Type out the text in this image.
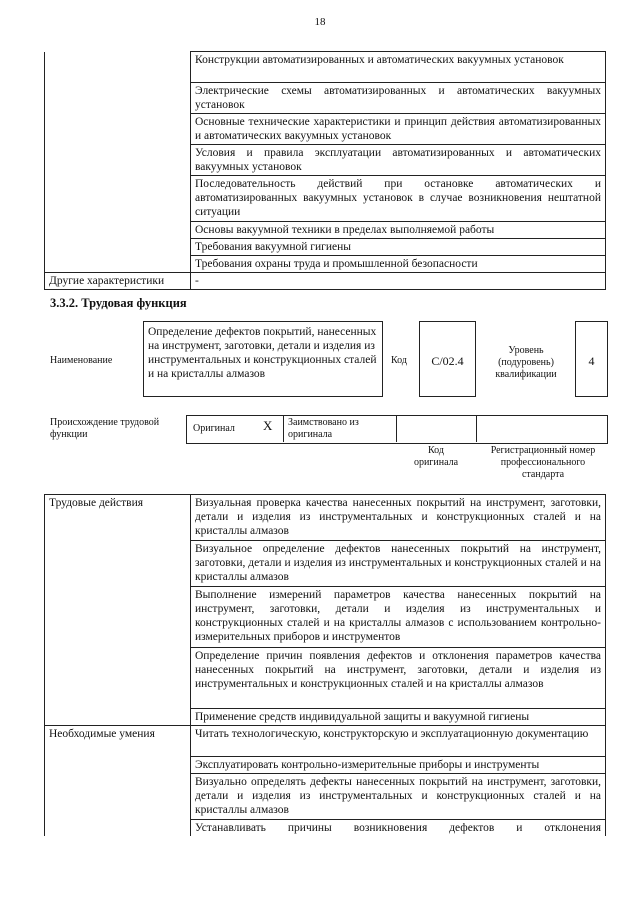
18
	Конструкции автоматизированных и автоматических вакуумных установок
	Электрические схемы автоматизированных и автоматических вакуумных установок
	Основные технические характеристики и принцип действия автоматизированных и автоматических вакуумных установок
	Условия и правила эксплуатации автоматизированных и автоматических вакуумных установок
	Последовательность действий при остановке автоматических и автоматизированных вакуумных установок в случае возникновения нештатной ситуации
	Основы вакуумной техники в пределах выполняемой работы
	Требования вакуумной гигиены
	Требования охраны труда и промышленной безопасности
Другие характеристики	-
3.3.2. Трудовая функция
Наименование
Определение дефектов покрытий, нанесенных на инструмент, заготовки, детали и изделия из инструментальных и конструкционных сталей и на кристаллы алмазов
Код	C/02.4
Уровень (подуровень) квалификации
4
Происхождение трудовой функции
Оригинал X Заимствовано из оригинала
Код оригинала
Регистрационный номер профессионального стандарта
Трудовые действия	Визуальная проверка качества нанесенных покрытий на инструмент, заготовки, детали и изделия из инструментальных и конструкционных сталей и на кристаллы алмазов
	Визуальное определение дефектов нанесенных покрытий на инструмент, заготовки, детали и изделия из инструментальных и конструкционных сталей и на кристаллы алмазов
	Выполнение измерений параметров качества нанесенных покрытий на инструмент, заготовки, детали и изделия из инструментальных и конструкционных сталей и на кристаллы алмазов с использованием контрольно-измерительных приборов и инструментов
	Определение причин появления дефектов и отклонения параметров качества нанесенных покрытий на инструмент, заготовки, детали и изделия из инструментальных и конструкционных сталей и на кристаллы алмазов
	Применение средств индивидуальной защиты и вакуумной гигиены
Необходимые умения	Читать технологическую, конструкторскую и эксплуатационную документацию
	Эксплуатировать контрольно-измерительные приборы и инструменты
	Визуально определять дефекты нанесенных покрытий на инструмент, заготовки, детали и изделия из инструментальных и конструкционных сталей и на кристаллы алмазов
	Устанавливать причины возникновения дефектов и отклонения
